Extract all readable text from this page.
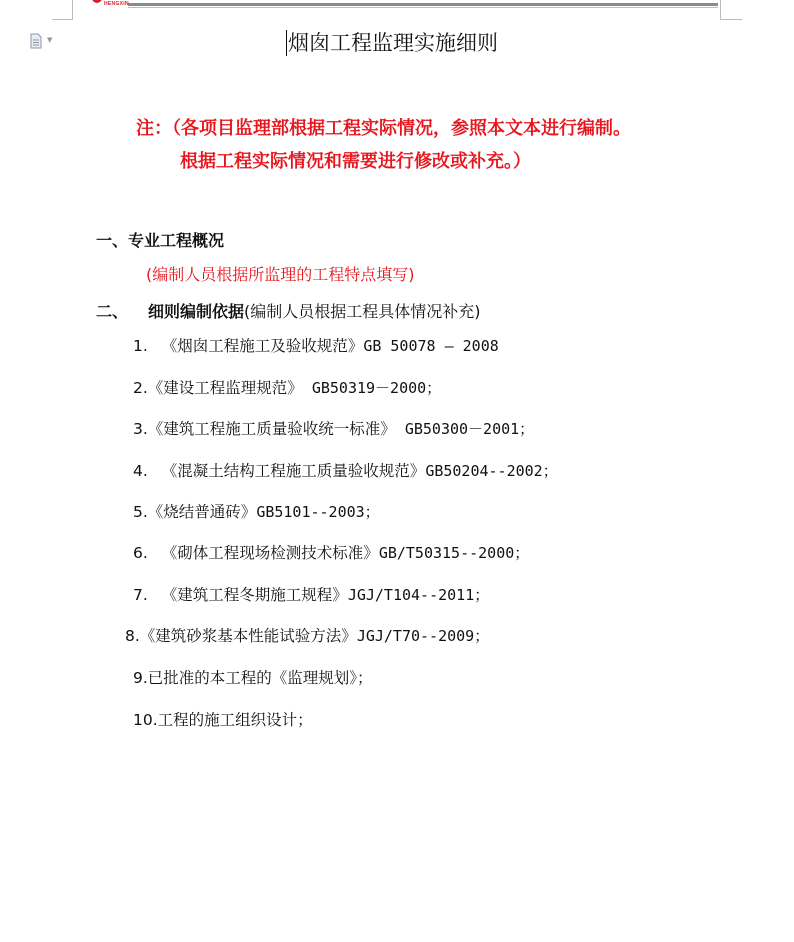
HENGXIN
▼	烟囱工程监理实施细则
注：（各项目监理部根据工程实际情况，参照本文本进行编制。
根据工程实际情况和需要进行修改或补充。）
一、专业工程概况
(编制人员根据所监理的工程特点填写)
二、 细则编制依据(编制人员根据工程具体情况补充)
1. 《烟囱工程施工及验收规范》GB 50078 — 2008
2.《建设工程监理规范》 GB50319－2000；
3.《建筑工程施工质量验收统一标准》 GB50300－2001；
4. 《混凝土结构工程施工质量验收规范》GB50204--2002；
5.《烧结普通砖》GB5101--2003；
6. 《砌体工程现场检测技术标准》GB/T50315--2000；
7. 《建筑工程冬期施工规程》JGJ/T104--2011；
8.《建筑砂浆基本性能试验方法》JGJ/T70--2009；
9.已批准的本工程的《监理规划》；
10.工程的施工组织设计；
